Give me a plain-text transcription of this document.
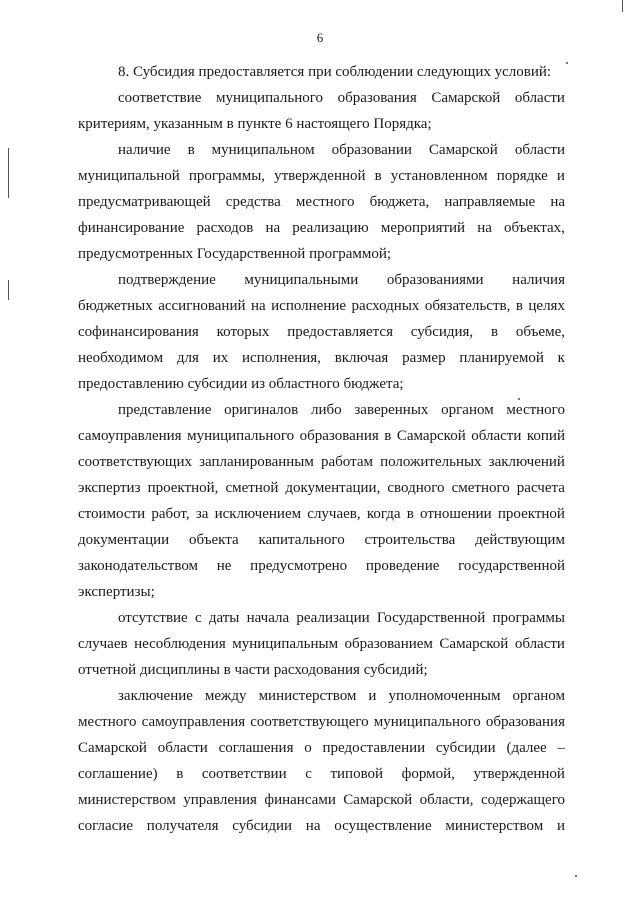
6
8. Субсидия предоставляется при соблюдении следующих условий:
соответствие муниципального образования Самарской области
критериям, указанным в пункте 6 настоящего Порядка;
наличие в муниципальном образовании Самарской области
муниципальной программы, утвержденной в установленном порядке и
предусматривающей средства местного бюджета, направляемые на
финансирование расходов на реализацию мероприятий на объектах,
предусмотренных Государственной программой;
подтверждение муниципальными образованиями наличия
бюджетных ассигнований на исполнение расходных обязательств, в целях
софинансирования которых предоставляется субсидия, в объеме,
необходимом для их исполнения, включая размер планируемой к
предоставлению субсидии из областного бюджета;
представление оригиналов либо заверенных органом местного
самоуправления муниципального образования в Самарской области копий
соответствующих запланированным работам положительных заключений
экспертиз проектной, сметной документации, сводного сметного расчета
стоимости работ, за исключением случаев, когда в отношении проектной
документации объекта капитального строительства действующим
законодательством не предусмотрено проведение государственной
экспертизы;
отсутствие с даты начала реализации Государственной программы
случаев несоблюдения муниципальным образованием Самарской области
отчетной дисциплины в части расходования субсидий;
заключение между министерством и уполномоченным органом
местного самоуправления соответствующего муниципального образования
Самарской области соглашения о предоставлении субсидии (далее –
соглашение) в соответствии с типовой формой, утвержденной
министерством управления финансами Самарской области, содержащего
согласие получателя субсидии на осуществление министерством и
